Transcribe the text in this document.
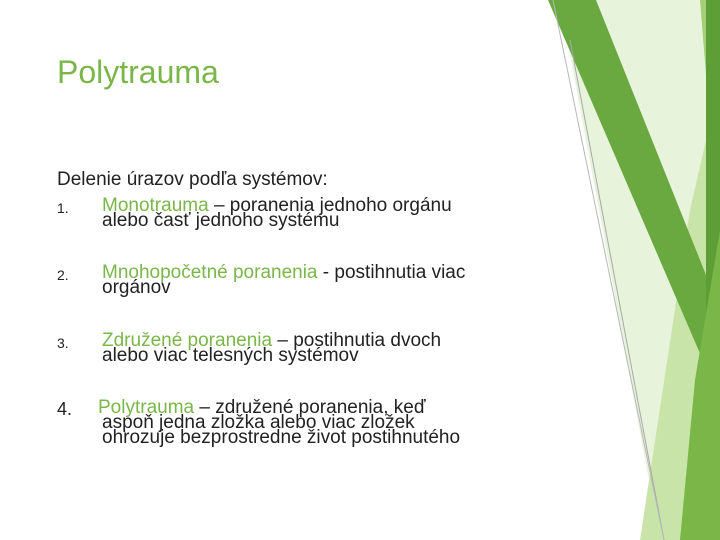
Polytrauma
Delenie úrazov podľa systémov:
1. Monotrauma – poranenia jednoho orgánu
alebo časť jednoho systému
2. Mnohopočetné poranenia - postihnutia viac
orgánov
3. Združené poranenia – postihnutia dvoch
alebo viac telesných systémov
4. Polytrauma – združené poranenia, keď
aspoň jedna zložka alebo viac zložek
ohrozuje bezprostredne život postihnutého
